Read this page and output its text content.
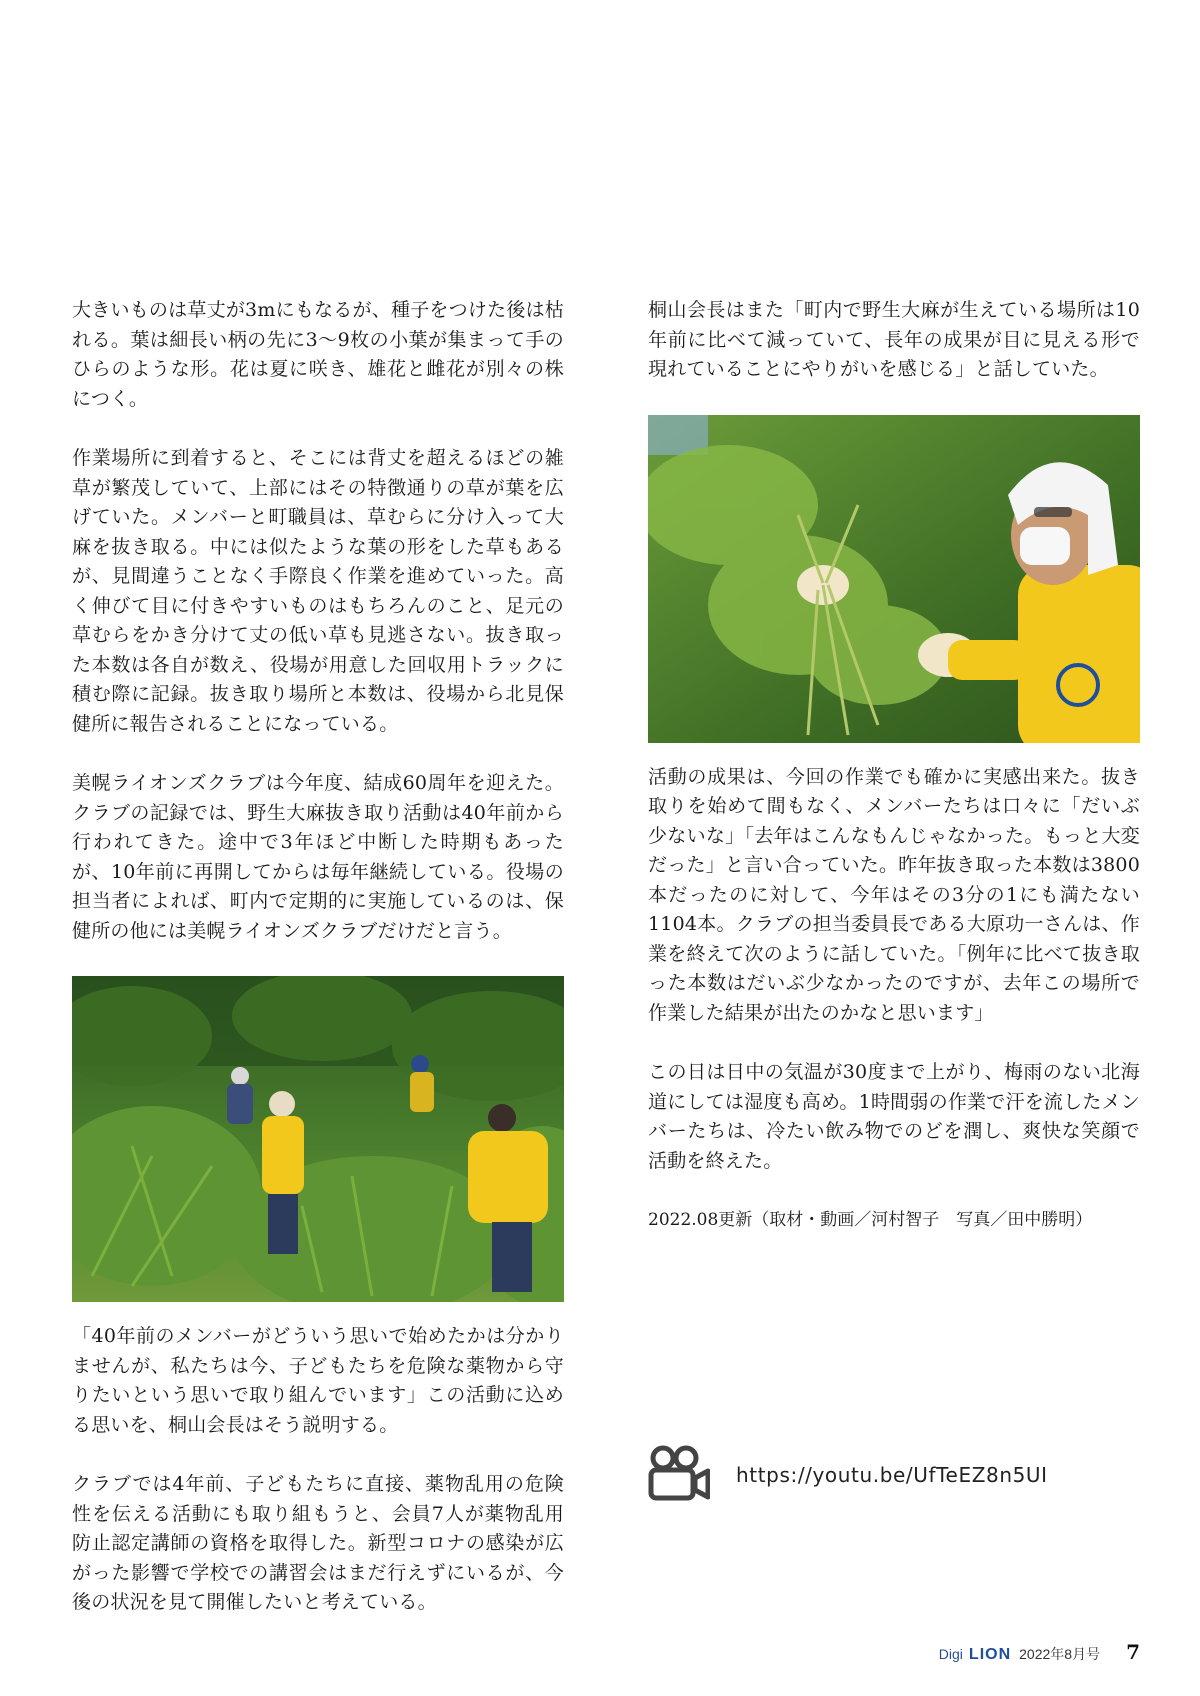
大きいものは草丈が3mにもなるが、種子をつけた後は枯れる。葉は細長い柄の先に3〜9枚の小葉が集まって手のひらのような形。花は夏に咲き、雄花と雌花が別々の株につく。

作業場所に到着すると、そこには背丈を超えるほどの雑草が繁茂していて、上部にはその特徴通りの草が葉を広げていた。メンバーと町職員は、草むらに分け入って大麻を抜き取る。中には似たような葉の形をした草もあるが、見間違うことなく手際良く作業を進めていった。高く伸びて目に付きやすいものはもちろんのこと、足元の草むらをかき分けて丈の低い草も見逃さない。抜き取った本数は各自が数え、役場が用意した回収用トラックに積む際に記録。抜き取り場所と本数は、役場から北見保健所に報告されることになっている。

美幌ライオンズクラブは今年度、結成60周年を迎えた。クラブの記録では、野生大麻抜き取り活動は40年前から行われてきた。途中で3年ほど中断した時期もあったが、10年前に再開してからは毎年継続している。役場の担当者によれば、町内で定期的に実施しているのは、保健所の他には美幌ライオンズクラブだけだと言う。

「40年前のメンバーがどういう思いで始めたかは分かりませんが、私たちは今、子どもたちを危険な薬物から守りたいという思いで取り組んでいます」この活動に込める思いを、桐山会長はそう説明する。

クラブでは4年前、子どもたちに直接、薬物乱用の危険性を伝える活動にも取り組もうと、会員7人が薬物乱用防止認定講師の資格を取得した。新型コロナの感染が広がった影響で学校での講習会はまだ行えずにいるが、今後の状況を見て開催したいと考えている。

桐山会長はまた「町内で野生大麻が生えている場所は10年前に比べて減っていて、長年の成果が目に見える形で現れていることにやりがいを感じる」と話していた。

活動の成果は、今回の作業でも確かに実感出来た。抜き取りを始めて間もなく、メンバーたちは口々に「だいぶ少ないな」「去年はこんなもんじゃなかった。もっと大変だった」と言い合っていた。昨年抜き取った本数は3800本だったのに対して、今年はその3分の1にも満たない1104本。クラブの担当委員長である大原功一さんは、作業を終えて次のように話していた。「例年に比べて抜き取った本数はだいぶ少なかったのですが、去年この場所で作業した結果が出たのかなと思います」

この日は日中の気温が30度まで上がり、梅雨のない北海道にしては湿度も高め。1時間弱の作業で汗を流したメンバーたちは、冷たい飲み物でのどを潤し、爽快な笑顔で活動を終えた。

2022.08更新（取材・動画／河村智子　写真／田中勝明）

https://youtu.be/UfTeEZ8n5UI
Digi LION 2022年8月号 7
